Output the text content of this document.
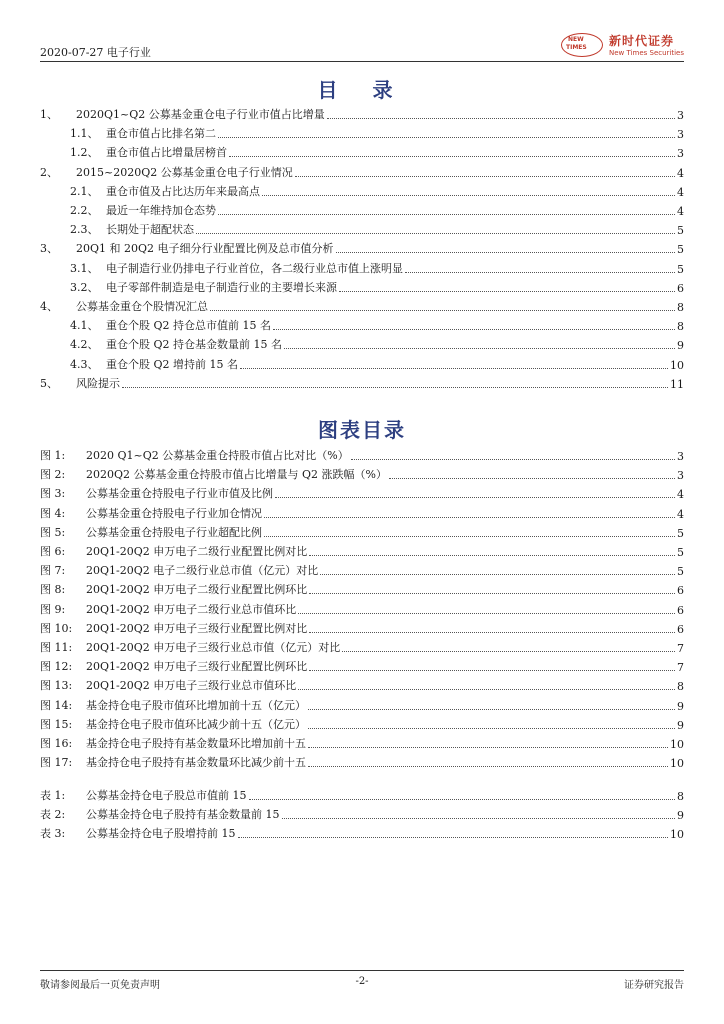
2020-07-27 电子行业
NEW
TIMES 新时代证券
New Times Securities
目 录
1、	2020Q1~Q2 公募基金重仓电子行业市值占比增量	3
1.1、 重仓市值占比排名第二	3
1.2、 重仓市值占比增量居榜首	3
2、	2015~2020Q2 公募基金重仓电子行业情况	4
2.1、 重仓市值及占比达历年来最高点	4
2.2、 最近一年维持加仓态势	4
2.3、 长期处于超配状态	5
3、	20Q1 和 20Q2 电子细分行业配置比例及总市值分析	5
3.1、 电子制造行业仍排电子行业首位，各二级行业总市值上涨明显	5
3.2、 电子零部件制造是电子制造行业的主要增长来源	6
4、	公募基金重仓个股情况汇总	8
4.1、 重仓个股 Q2 持仓总市值前 15 名	8
4.2、 重仓个股 Q2 持仓基金数量前 15 名	9
4.3、 重仓个股 Q2 增持前 15 名	10
5、	风险提示	11
图表目录
图 1:	2020 Q1~Q2 公募基金重仓持股市值占比对比（%）	3
图 2:	2020Q2 公募基金重仓持股市值占比增量与 Q2 涨跌幅（%）	3
图 3:	公募基金重仓持股电子行业市值及比例	4
图 4:	公募基金重仓持股电子行业加仓情况	4
图 5:	公募基金重仓持股电子行业超配比例	5
图 6:	20Q1-20Q2 申万电子二级行业配置比例对比	5
图 7:	20Q1-20Q2 电子二级行业总市值（亿元）对比	5
图 8:	20Q1-20Q2 申万电子二级行业配置比例环比	6
图 9:	20Q1-20Q2 申万电子二级行业总市值环比	6
图 10:	20Q1-20Q2 申万电子三级行业配置比例对比	6
图 11:	20Q1-20Q2 申万电子三级行业总市值（亿元）对比	7
图 12:	20Q1-20Q2 申万电子三级行业配置比例环比	7
图 13:	20Q1-20Q2 申万电子三级行业总市值环比	8
图 14:	基金持仓电子股市值环比增加前十五（亿元）	9
图 15:	基金持仓电子股市值环比减少前十五（亿元）	9
图 16:	基金持仓电子股持有基金数量环比增加前十五	10
图 17:	基金持仓电子股持有基金数量环比减少前十五	10
表 1:	公募基金持仓电子股总市值前 15	8
表 2:	公募基金持仓电子股持有基金数量前 15	9
表 3:	公募基金持仓电子股增持前 15	10
敬请参阅最后一页免责声明	-2-	证券研究报告
